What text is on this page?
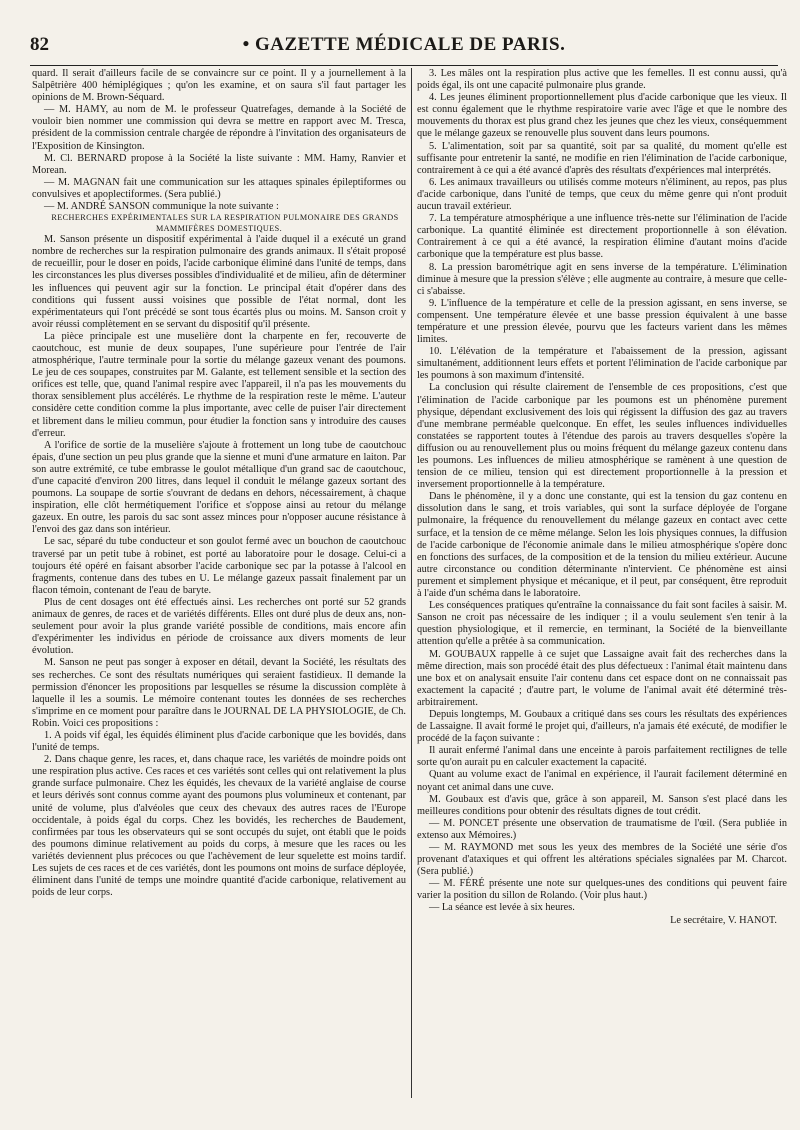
82	• GAZETTE MÉDICALE DE PARIS.

quard. Il serait d'ailleurs facile de se convaincre sur ce point. Il y a journellement à la Salpêtrière 400 hémiplégiques ; qu'on les examine, et on saura s'il faut partager les opinions de M. Brown-Séquard.

— M. HAMY, au nom de M. le professeur Quatrefages, demande à la Société de vouloir bien nommer une commission qui devra se mettre en rapport avec M. Tresca, président de la commission centrale chargée de répondre à l'invitation des organisateurs de l'Exposition de Kinsington.

M. Cl. BERNARD propose à la Société la liste suivante : MM. Hamy, Ranvier et Morean.

— M. MAGNAN fait une communication sur les attaques spinales épileptiformes ou convulsives et apoplectiformes. (Sera publié.)

— M. ANDRÉ SANSON communique la note suivante :

RECHERCHES EXPÉRIMENTALES SUR LA RESPIRATION PULMONAIRE DES GRANDS MAMMIFÈRES DOMESTIQUES.

M. Sanson présente un dispositif expérimental à l'aide duquel il a exécuté un grand nombre de recherches sur la respiration pulmonaire des grands animaux. Il s'était proposé de recueillir, pour le doser en poids, l'acide carbonique éliminé dans l'unité de temps, dans les circonstances les plus diverses possibles d'individualité et de milieu, afin de déterminer les influences qui peuvent agir sur la fonction. Le principal était d'opérer dans des conditions qui fussent aussi voisines que possible de l'état normal, dont les expérimentateurs qui l'ont précédé se sont tous écartés plus ou moins. M. Sanson croit y avoir réussi complètement en se servant du dispositif qu'il présente.

La pièce principale est une muselière dont la charpente en fer, recouverte de caoutchouc, est munie de deux soupapes, l'une supérieure pour l'entrée de l'air atmosphérique, l'autre terminale pour la sortie du mélange gazeux venant des poumons. Le jeu de ces soupapes, construites par M. Galante, est tellement sensible et la section des orifices est telle, que, quand l'animal respire avec l'appareil, il n'a pas les mouvements du thorax sensiblement plus accélérés. Le rhythme de la respiration reste le même. L'auteur considère cette condition comme la plus importante, avec celle de puiser l'air directement et librement dans le milieu commun, pour étudier la fonction sans y introduire des causes d'erreur.

A l'orifice de sortie de la muselière s'ajoute à frottement un long tube de caoutchouc épais, d'une section un peu plus grande que la sienne et muni d'une armature en laiton. Par son autre extrémité, ce tube embrasse le goulot métallique d'un grand sac de caoutchouc, d'une capacité d'environ 200 litres, dans lequel il conduit le mélange gazeux sortant des poumons. La soupape de sortie s'ouvrant de dedans en dehors, nécessairement, à chaque inspiration, elle clôt hermétiquement l'orifice et s'oppose ainsi au retour du mélange gazeux. En outre, les parois du sac sont assez minces pour n'opposer aucune résistance à l'envoi des gaz dans son intérieur.

Le sac, séparé du tube conducteur et son goulot fermé avec un bouchon de caoutchouc traversé par un petit tube à robinet, est porté au laboratoire pour le dosage. Celui-ci a toujours été opéré en faisant absorber l'acide carbonique sec par la potasse à l'alcool en fragments, contenue dans des tubes en U. Le mélange gazeux passait finalement par un flacon témoin, contenant de l'eau de baryte.

Plus de cent dosages ont été effectués ainsi. Les recherches ont porté sur 52 grands animaux de genres, de races et de variétés différents. Elles ont duré plus de deux ans, non-seulement pour avoir la plus grande variété possible de conditions, mais encore afin d'expérimenter les individus en période de croissance aux divers moments de leur évolution.

M. Sanson ne peut pas songer à exposer en détail, devant la Société, les résultats des ses recherches. Ce sont des résultats numériques qui seraient fastidieux. Il demande la permission d'énoncer les propositions par lesquelles se résume la discussion complète à laquelle il les a soumis. Le mémoire contenant toutes les données de ses recherches s'imprime en ce moment pour paraître dans le JOURNAL DE LA PHYSIOLOGIE, de Ch. Robin. Voici ces propositions :

1. A poids vif égal, les équidés éliminent plus d'acide carbonique que les bovidés, dans l'unité de temps.

2. Dans chaque genre, les races, et, dans chaque race, les variétés de moindre poids ont une respiration plus active. Ces races et ces variétés sont celles qui ont relativement la plus grande surface pulmonaire. Chez les équidés, les chevaux de la variété anglaise de course et leurs dérivés sont connus comme ayant des poumons plus volumineux et contenant, par unité de volume, plus d'alvéoles que ceux des chevaux des autres races de l'Europe occidentale, à poids égal du corps. Chez les bovidés, les recherches de Baudement, confirmées par tous les observateurs qui se sont occupés du sujet, ont établi que le poids des poumons diminue relativement au poids du corps, à mesure que les races ou les variétés deviennent plus précoces ou que l'achèvement de leur squelette est moins tardif. Les sujets de ces races et de ces variétés, dont les poumons ont moins de surface déployée, éliminent dans l'unité de temps une moindre quantité d'acide carbonique, relativement au poids de leur corps.

3. Les mâles ont la respiration plus active que les femelles. Il est connu aussi, qu'à poids égal, ils ont une capacité pulmonaire plus grande.

4. Les jeunes éliminent proportionnellement plus d'acide carbonique que les vieux. Il est connu également que le rhythme respiratoire varie avec l'âge et que le nombre des mouvements du thorax est plus grand chez les jeunes que chez les vieux, conséquemment que le mélange gazeux se renouvelle plus souvent dans leurs poumons.

5. L'alimentation, soit par sa quantité, soit par sa qualité, du moment qu'elle est suffisante pour entretenir la santé, ne modifie en rien l'élimination de l'acide carbonique, contrairement à ce qui a été avancé d'après des résultats d'expériences mal interprétés.

6. Les animaux travailleurs ou utilisés comme moteurs n'éliminent, au repos, pas plus d'acide carbonique, dans l'unité de temps, que ceux du même genre qui n'ont produit aucun travail extérieur.

7. La température atmosphérique a une influence très-nette sur l'élimination de l'acide carbonique. La quantité éliminée est directement proportionnelle à son élévation. Contrairement à ce qui a été avancé, la respiration élimine d'autant moins d'acide carbonique que la température est plus basse.

8. La pression barométrique agit en sens inverse de la température. L'élimination diminue à mesure que la pression s'élève ; elle augmente au contraire, à mesure que celle-ci s'abaisse.

9. L'influence de la température et celle de la pression agissant, en sens inverse, se compensent. Une température élevée et une basse pression équivalent à une basse température et une pression élevée, pourvu que les facteurs varient dans les mêmes limites.

10. L'élévation de la température et l'abaissement de la pression, agissant simultanément, additionnent leurs effets et portent l'élimination de l'acide carbonique par les poumons à son maximum d'intensité.

La conclusion qui résulte clairement de l'ensemble de ces propositions, c'est que l'élimination de l'acide carbonique par les poumons est un phénomène purement physique, dépendant exclusivement des lois qui régissent la diffusion des gaz au travers d'une membrane perméable quelconque. En effet, les seules influences individuelles constatées se rapportent toutes à l'étendue des parois au travers desquelles s'opère la diffusion ou au renouvellement plus ou moins fréquent du mélange gazeux contenu dans les poumons. Les influences de milieu atmosphérique se ramènent à une question de tension de ce milieu, tension qui est directement proportionnelle à la pression et inversement proportionnelle à la température.

Dans le phénomène, il y a donc une constante, qui est la tension du gaz contenu en dissolution dans le sang, et trois variables, qui sont la surface déployée de l'organe pulmonaire, la fréquence du renouvellement du mélange gazeux en contact avec cette surface, et la tension de ce même mélange. Selon les lois physiques connues, la diffusion de l'acide carbonique de l'économie animale dans le milieu atmosphérique s'opère donc en fonctions des surfaces, de la composition et de la tension du milieu extérieur. Aucune autre circonstance ou condition déterminante n'intervient. Ce phénomène est ainsi purement et simplement physique et mécanique, et il peut, par conséquent, être reproduit à l'aide d'un schéma dans le laboratoire.

Les conséquences pratiques qu'entraîne la connaissance du fait sont faciles à saisir. M. Sanson ne croit pas nécessaire de les indiquer ; il a voulu seulement s'en tenir à la question physiologique, et il remercie, en terminant, la Société de la bienveillante attention qu'elle a prêtée à sa communication.

M. GOUBAUX rappelle à ce sujet que Lassaigne avait fait des recherches dans la même direction, mais son procédé était des plus défectueux : l'animal était maintenu dans une box et on analysait ensuite l'air contenu dans cet espace dont on ne connaissait pas exactement la capacité ; d'autre part, le volume de l'animal avait été déterminé très-arbitrairement.

Depuis longtemps, M. Goubaux a critiqué dans ses cours les résultats des expériences de Lassaigne. Il avait formé le projet qui, d'ailleurs, n'a jamais été exécuté, de modifier le procédé de la façon suivante :

Il aurait enfermé l'animal dans une enceinte à parois parfaitement rectilignes de telle sorte qu'on aurait pu en calculer exactement la capacité.

Quant au volume exact de l'animal en expérience, il l'aurait facilement déterminé en noyant cet animal dans une cuve.

M. Goubaux est d'avis que, grâce à son appareil, M. Sanson s'est placé dans les meilleures conditions pour obtenir des résultats dignes de tout crédit.

— M. PONCET présente une observation de traumatisme de l'œil. (Sera publiée in extenso aux Mémoires.)

— M. RAYMOND met sous les yeux des membres de la Société une série d'os provenant d'ataxiques et qui offrent les altérations spéciales signalées par M. Charcot. (Sera publié.)

— M. FÉRÉ présente une note sur quelques-unes des conditions qui peuvent faire varier la position du sillon de Rolando. (Voir plus haut.)

— La séance est levée à six heures.

Le secrétaire, V. HANOT.
